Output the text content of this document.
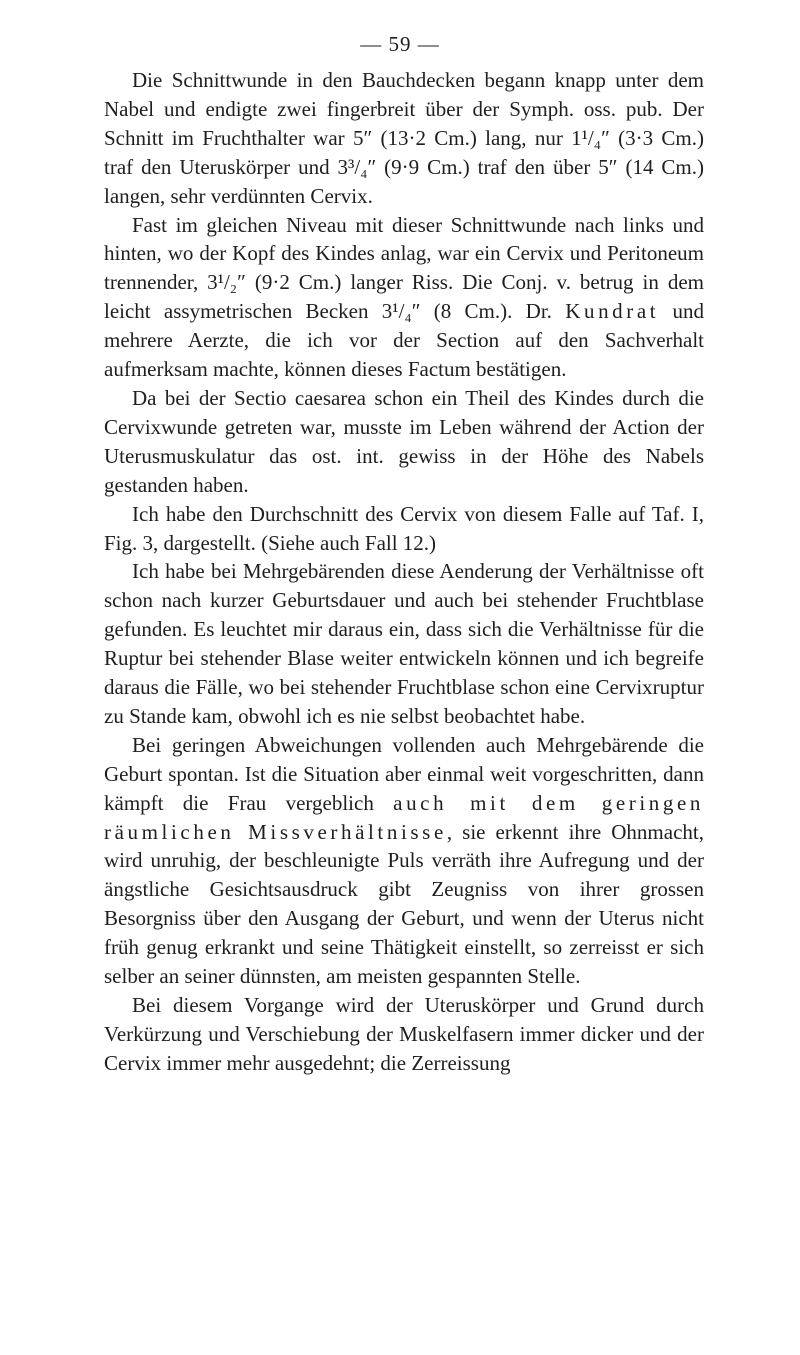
— 59 —

Die Schnittwunde in den Bauchdecken begann knapp unter dem Nabel und endigte zwei fingerbreit über der Symph. oss. pub. Der Schnitt im Fruchthalter war 5″ (13·2 Cm.) lang, nur 1¹/₄″ (3·3 Cm.) traf den Uteruskörper und 3³/₄″ (9·9 Cm.) traf den über 5″ (14 Cm.) langen, sehr verdünnten Cervix.

Fast im gleichen Niveau mit dieser Schnittwunde nach links und hinten, wo der Kopf des Kindes anlag, war ein Cervix und Peritoneum trennender, 3¹/₂″ (9·2 Cm.) langer Riss. Die Conj. v. betrug in dem leicht assymetrischen Becken 3¹/₄″ (8 Cm.). Dr. Kundrat und mehrere Aerzte, die ich vor der Section auf den Sachverhalt aufmerksam machte, können dieses Factum bestätigen.

Da bei der Sectio caesarea schon ein Theil des Kindes durch die Cervixwunde getreten war, musste im Leben während der Action der Uterusmuskulatur das ost. int. gewiss in der Höhe des Nabels gestanden haben.

Ich habe den Durchschnitt des Cervix von diesem Falle auf Taf. I, Fig. 3, dargestellt. (Siehe auch Fall 12.)

Ich habe bei Mehrgebärenden diese Aenderung der Verhältnisse oft schon nach kurzer Geburtsdauer und auch bei stehender Fruchtblase gefunden. Es leuchtet mir daraus ein, dass sich die Verhältnisse für die Ruptur bei stehender Blase weiter entwickeln können und ich begreife daraus die Fälle, wo bei stehender Fruchtblase schon eine Cervixruptur zu Stande kam, obwohl ich es nie selbst beobachtet habe.

Bei geringen Abweichungen vollenden auch Mehrgebärende die Geburt spontan. Ist die Situation aber einmal weit vorgeschritten, dann kämpft die Frau vergeblich auch mit dem geringen räumlichen Missverhältnisse, sie erkennt ihre Ohnmacht, wird unruhig, der beschleunigte Puls verräth ihre Aufregung und der ängstliche Gesichtsausdruck gibt Zeugniss von ihrer grossen Besorgniss über den Ausgang der Geburt, und wenn der Uterus nicht früh genug erkrankt und seine Thätigkeit einstellt, so zerreisst er sich selber an seiner dünnsten, am meisten gespannten Stelle.

Bei diesem Vorgange wird der Uteruskörper und Grund durch Verkürzung und Verschiebung der Muskelfasern immer dicker und der Cervix immer mehr ausgedehnt; die Zerreissung
